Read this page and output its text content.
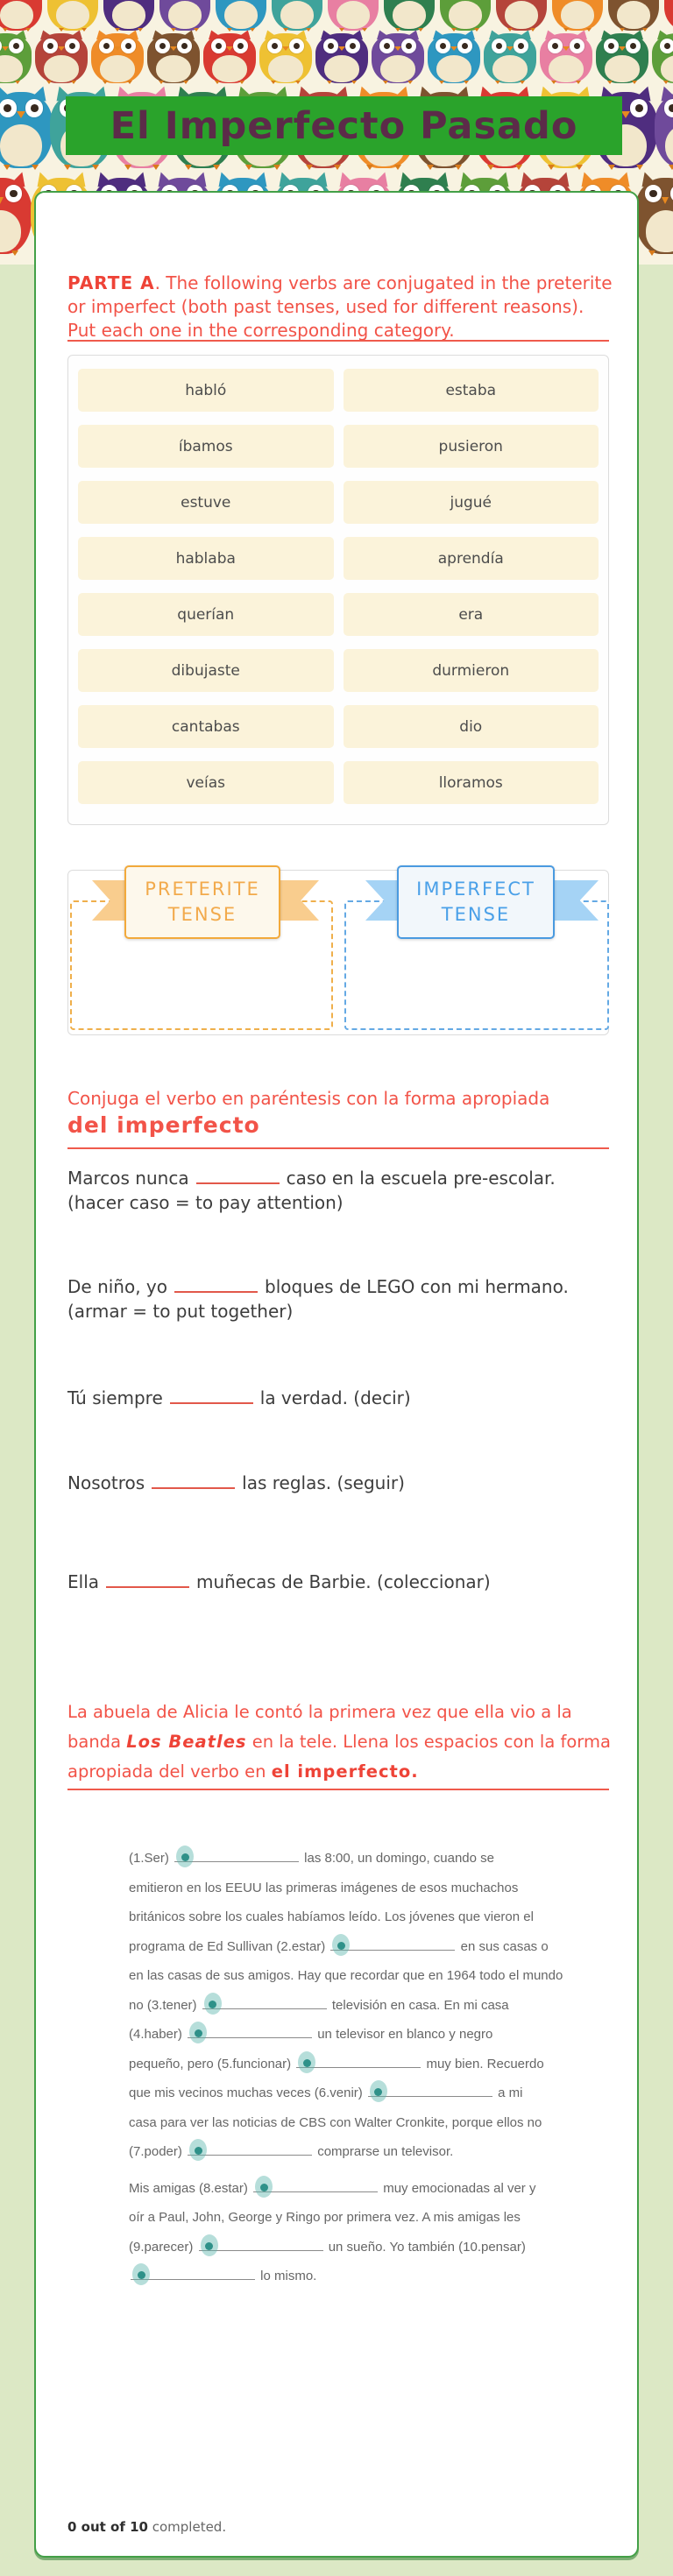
El Imperfecto Pasado
PARTE A. The following verbs are conjugated in the preterite or imperfect (both past tenses, used for different reasons). Put each one in the corresponding category.
habló	estaba
íbamos	pusieron
estuve	jugué
hablaba	aprendía
querían	era
dibujaste	durmieron
cantabas	dio
veías	lloramos
PRETERITE
TENSE
IMPERFECT
TENSE
Conjuga el verbo en paréntesis con la forma apropiada
del imperfecto
Marcos nunca	caso en la escuela pre-escolar. (hacer caso = to pay attention)
De niño, yo	bloques de LEGO con mi hermano. (armar = to put together)
Tú siempre	la verdad. (decir)
Nosotros	las reglas. (seguir)
Ella	muñecas de Barbie. (coleccionar)
La abuela de Alicia le contó la primera vez que ella vio a la banda Los Beatles en la tele. Llena los espacios con la forma apropiada del verbo en el imperfecto.
(1.Ser)	las 8:00, un domingo, cuando se
emitieron en los EEUU las primeras imágenes de esos muchachos
británicos sobre los cuales habíamos leído. Los jóvenes que vieron el
programa de Ed Sullivan (2.estar)	en sus casas o
en las casas de sus amigos. Hay que recordar que en 1964 todo el mundo
no (3.tener)	televisión en casa. En mi casa
(4.haber)	un televisor en blanco y negro
pequeño, pero (5.funcionar)	muy bien. Recuerdo
que mis vecinos muchas veces (6.venir)	a mi
casa para ver las noticias de CBS con Walter Cronkite, porque ellos no
(7.poder)	comprarse un televisor.
Mis amigas (8.estar)	muy emocionadas al ver y
oír a Paul, John, George y Ringo por primera vez. A mis amigas les
(9.parecer)	un sueño. Yo también (10.pensar)
lo mismo.
0 out of 10 completed.
